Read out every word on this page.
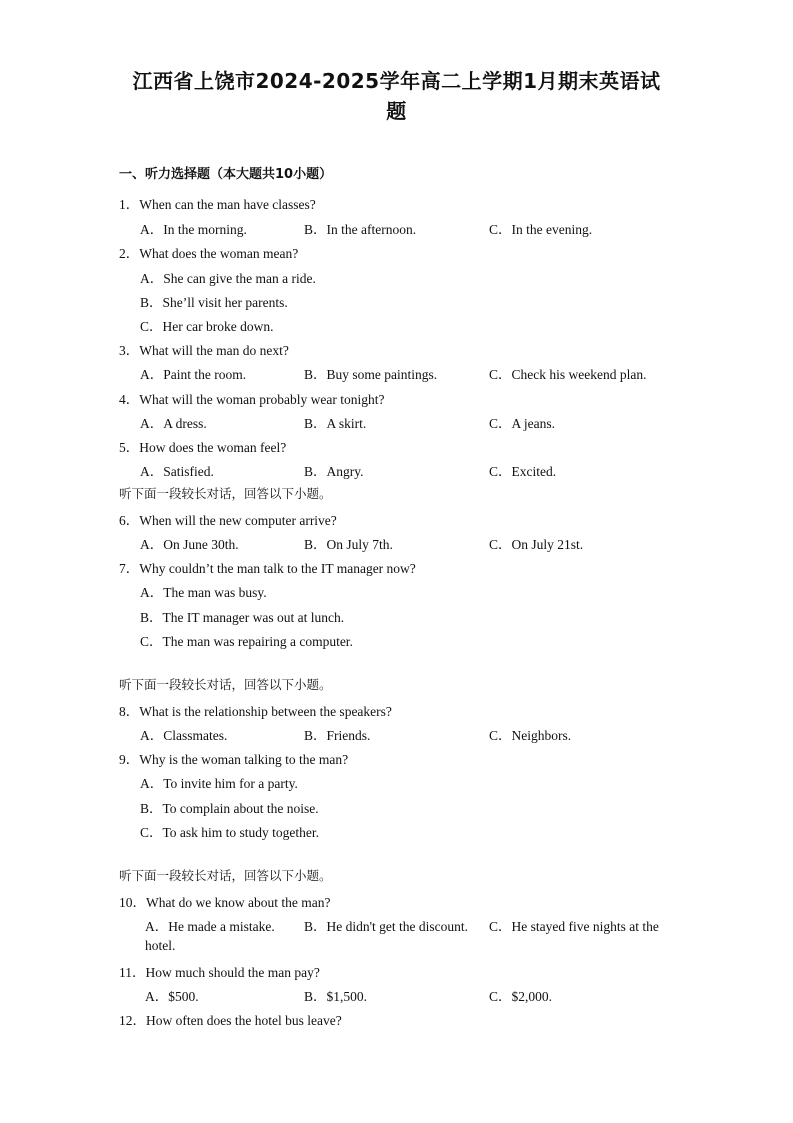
江西省上饶市2024-2025学年高二上学期1月期末英语试
题
一、听力选择题（本大题共10小题）
1．When can the man have classes?
A．In the morning.	B．In the afternoon.	C．In the evening.
2．What does the woman mean?
A．She can give the man a ride.
B．She’ll visit her parents.
C．Her car broke down.
3．What will the man do next?
A．Paint the room.	B．Buy some paintings.	C．Check his weekend plan.
4．What will the woman probably wear tonight?
A．A dress.	B．A skirt.	C．A jeans.
5．How does the woman feel?
A．Satisfied.	B．Angry.	C．Excited.
听下面一段较长对话，回答以下小题。
6．When will the new computer arrive?
A．On June 30th.	B．On July 7th.	C．On July 21st.
7．Why couldn’t the man talk to the IT manager now?
A．The man was busy.
B．The IT manager was out at lunch.
C．The man was repairing a computer.
听下面一段较长对话，回答以下小题。
8．What is the relationship between the speakers?
A．Classmates.	B．Friends.	C．Neighbors.
9．Why is the woman talking to the man?
A．To invite him for a party.
B．To complain about the noise.
C．To ask him to study together.
听下面一段较长对话，回答以下小题。
10．What do we know about the man?
A．He made a mistake. B．He didn't get the discount. C．He stayed five nights at the
hotel.
11．How much should the man pay?
A．$500.	B．$1,500.	C．$2,000.
12．How often does the hotel bus leave?
